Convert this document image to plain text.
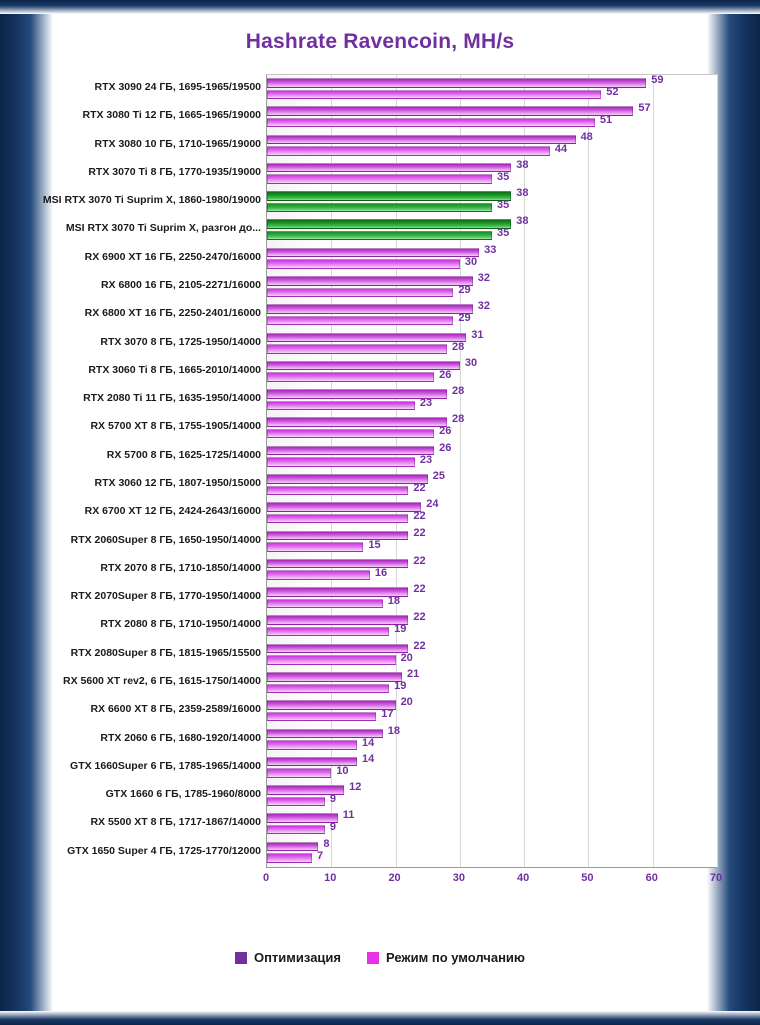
Hashrate Ravencoin, MH/s
RTX 3090 24 ГБ, 1695-1965/19500
59
52
RTX 3080 Ti 12 ГБ, 1665-1965/19000
57
51
RTX 3080 10 ГБ, 1710-1965/19000
48
44
RTX 3070 Ti 8 ГБ, 1770-1935/19000
38
35
MSI RTX 3070 Ti Suprim X, 1860-1980/19000
38
35
MSI RTX 3070 Ti Suprim X, разгон до...
38
35
RX 6900 XT 16 ГБ, 2250-2470/16000
33
30
RX 6800 16 ГБ, 2105-2271/16000
32
29
RX 6800 XT 16 ГБ, 2250-2401/16000
32
29
RTX 3070 8 ГБ, 1725-1950/14000
31
28
RTX 3060 Ti 8 ГБ, 1665-2010/14000
30
26
RTX 2080 Ti 11 ГБ, 1635-1950/14000
28
23
RX 5700 XT 8 ГБ, 1755-1905/14000
28
26
RX 5700 8 ГБ, 1625-1725/14000
26
23
RTX 3060 12 ГБ, 1807-1950/15000
25
22
RX 6700 XT 12 ГБ, 2424-2643/16000
24
22
RTX 2060Super 8 ГБ, 1650-1950/14000
22
15
RTX 2070 8 ГБ, 1710-1850/14000
22
16
RTX 2070Super 8 ГБ, 1770-1950/14000
22
18
RTX 2080 8 ГБ, 1710-1950/14000
22
19
RTX 2080Super 8 ГБ, 1815-1965/15500
22
20
RX 5600 XT rev2, 6 ГБ, 1615-1750/14000
21
19
RX 6600 XT 8 ГБ, 2359-2589/16000
20
17
RTX 2060 6 ГБ, 1680-1920/14000
18
14
GTX 1660Super 6 ГБ, 1785-1965/14000
14
10
GTX 1660 6 ГБ, 1785-1960/8000
12
9
RX 5500 XT 8 ГБ, 1717-1867/14000
11
9
GTX 1650 Super 4 ГБ, 1725-1770/12000
8
7
0	10	20	30	40	50	60	70
Оптимизация	Режим по умолчанию
